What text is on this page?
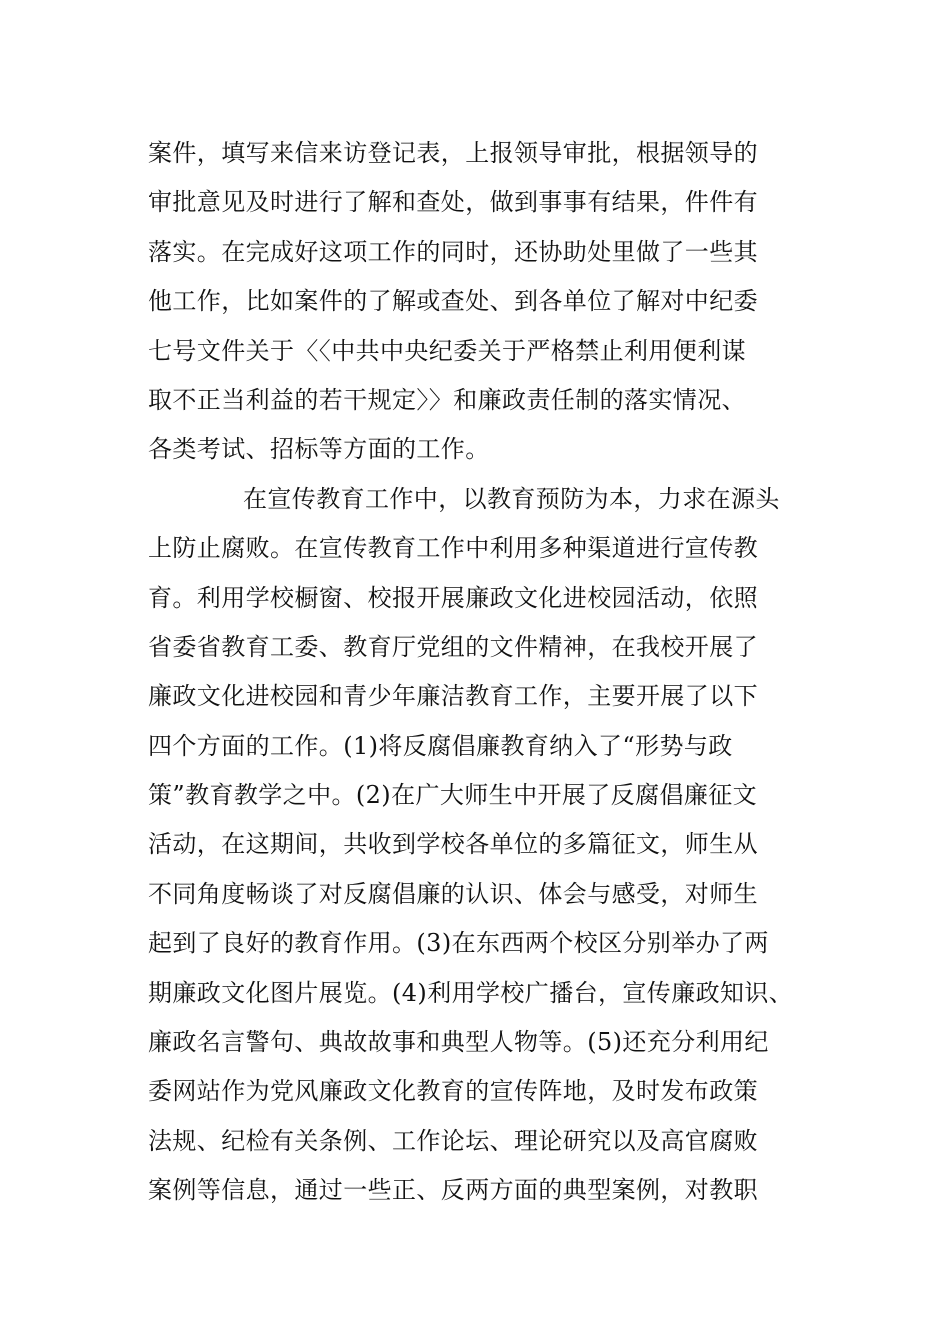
案件，填写来信来访登记表，上报领导审批，根据领导的
审批意见及时进行了解和查处，做到事事有结果，件件有
落实。在完成好这项工作的同时，还协助处里做了一些其
他工作，比如案件的了解或查处、到各单位了解对中纪委
七号文件关于〈〈中共中央纪委关于严格禁止利用便利谋
取不正当利益的若干规定〉〉和廉政责任制的落实情况、
各类考试、招标等方面的工作。
在宣传教育工作中，以教育预防为本，力求在源头
上防止腐败。在宣传教育工作中利用多种渠道进行宣传教
育。利用学校橱窗、校报开展廉政文化进校园活动，依照
省委省教育工委、教育厅党组的文件精神，在我校开展了
廉政文化进校园和青少年廉洁教育工作，主要开展了以下
四个方面的工作。(1)将反腐倡廉教育纳入了“形势与政
策”教育教学之中。(2)在广大师生中开展了反腐倡廉征文
活动，在这期间，共收到学校各单位的多篇征文，师生从
不同角度畅谈了对反腐倡廉的认识、体会与感受，对师生
起到了良好的教育作用。(3)在东西两个校区分别举办了两
期廉政文化图片展览。(4)利用学校广播台，宣传廉政知识、
廉政名言警句、典故故事和典型人物等。(5)还充分利用纪
委网站作为党风廉政文化教育的宣传阵地，及时发布政策
法规、纪检有关条例、工作论坛、理论研究以及高官腐败
案例等信息，通过一些正、反两方面的典型案例，对教职
